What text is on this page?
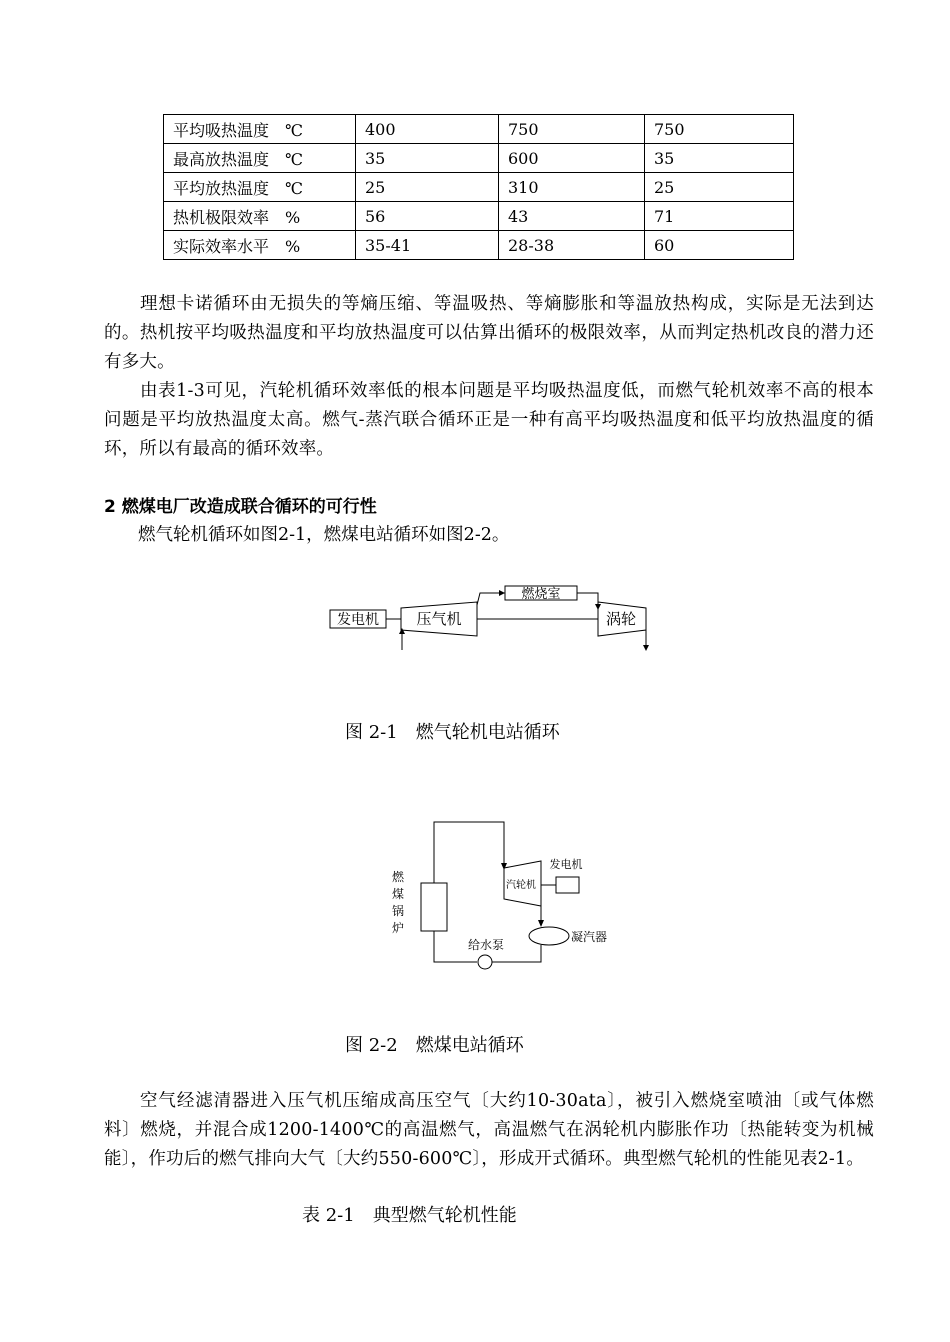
平均吸热温度　℃	400	750	750
最高放热温度　℃	35	600	35
平均放热温度　℃	25	310	25
热机极限效率　%	56	43	71
实际效率水平　%	35-41	28-38	60

理想卡诺循环由无损失的等熵压缩、等温吸热、等熵膨胀和等温放热构成，实际是无法到达的。热机按平均吸热温度和平均放热温度可以估算出循环的极限效率，从而判定热机改良的潜力还有多大。

由表1-3可见，汽轮机循环效率低的根本问题是平均吸热温度低，而燃气轮机效率不高的根本问题是平均放热温度太高。燃气-蒸汽联合循环正是一种有高平均吸热温度和低平均放热温度的循环，所以有最高的循环效率。

2 燃煤电厂改造成联合循环的可行性

燃气轮机循环如图2-1，燃煤电站循环如图2-2。

发电机 压气机
燃烧室
涡轮
燃
煤
锅
炉
汽轮机
发电机
凝汽器
给水泵

图 2-1　燃气轮机电站循环

图 2-2　燃煤电站循环

空气经滤清器进入压气机压缩成高压空气〔大约10-30ata〕，被引入燃烧室喷油〔或气体燃料〕燃烧，并混合成1200-1400℃的高温燃气，高温燃气在涡轮机内膨胀作功〔热能转变为机械能〕，作功后的燃气排向大气〔大约550-600℃〕，形成开式循环。典型燃气轮机的性能见表2-1。

表 2-1　典型燃气轮机性能
